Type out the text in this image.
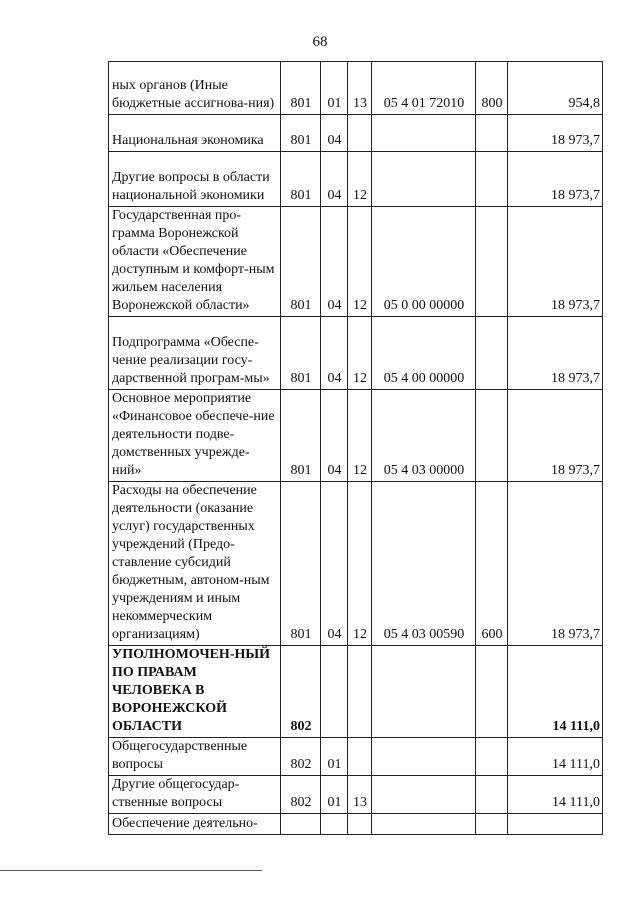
68
ных органов (Иные бюджетные ассигнова-ния)	801	01	13	05 4 01 72010	800	954,8
Национальная экономика	801	04				18 973,7
Другие вопросы в области национальной экономики	801	04	12			18 973,7
Государственная про-грамма Воронежской области «Обеспечение доступным и комфорт-ным жильем населения Воронежской области»	801	04	12	05 0 00 00000		18 973,7
Подпрограмма «Обеспе-чение реализации госу-дарственной програм-мы»	801	04	12	05 4 00 00000		18 973,7
Основное мероприятие «Финансовое обеспече-ние деятельности подве-домственных учрежде-ний»	801	04	12	05 4 03 00000		18 973,7
Расходы на обеспечение деятельности (оказание услуг) государственных учреждений (Предо-ставление субсидий бюджетным, автоном-ным учреждениям и иным некоммерческим организациям)	801	04	12	05 4 03 00590	600	18 973,7
УПОЛНОМОЧЕН-НЫЙ ПО ПРАВАМ ЧЕЛОВЕКА В ВОРОНЕЖСКОЙ ОБЛАСТИ	802					14 111,0
Общегосударственные вопросы	802	01				14 111,0
Другие общегосудар-ственные вопросы	802	01	13			14 111,0
Обеспечение деятельно-						
